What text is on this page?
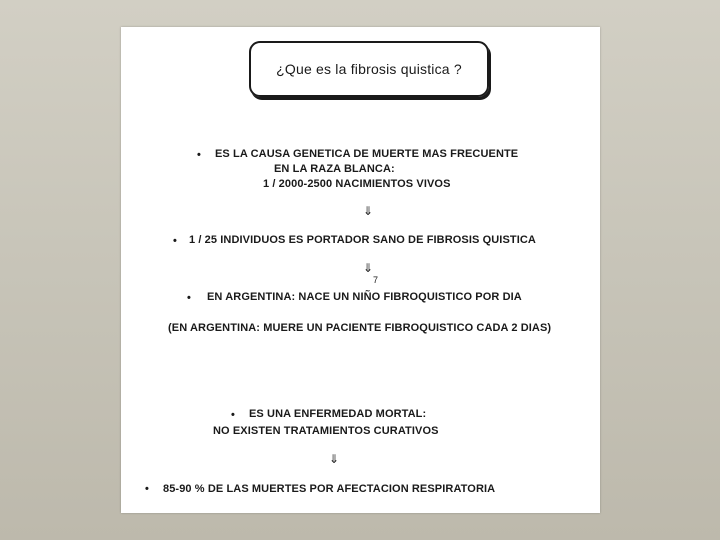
¿Que es la fibrosis quistica ?
• ES LA CAUSA GENETICA DE MUERTE MAS FRECUENTE
EN LA RAZA BLANCA:
1 / 2000-2500 NACIMIENTOS VIVOS
⇓
• 1 / 25 INDIVIDUOS ES PORTADOR SANO DE FIBROSIS QUISTICA
⇓
7
• EN ARGENTINA: NACE UN NIÑO FIBROQUISTICO POR DIA
(EN ARGENTINA: MUERE UN PACIENTE FIBROQUISTICO CADA 2 DIAS)
• ES UNA ENFERMEDAD MORTAL:
NO EXISTEN TRATAMIENTOS CURATIVOS
⇓
• 85-90 % DE LAS MUERTES POR AFECTACION RESPIRATORIA
